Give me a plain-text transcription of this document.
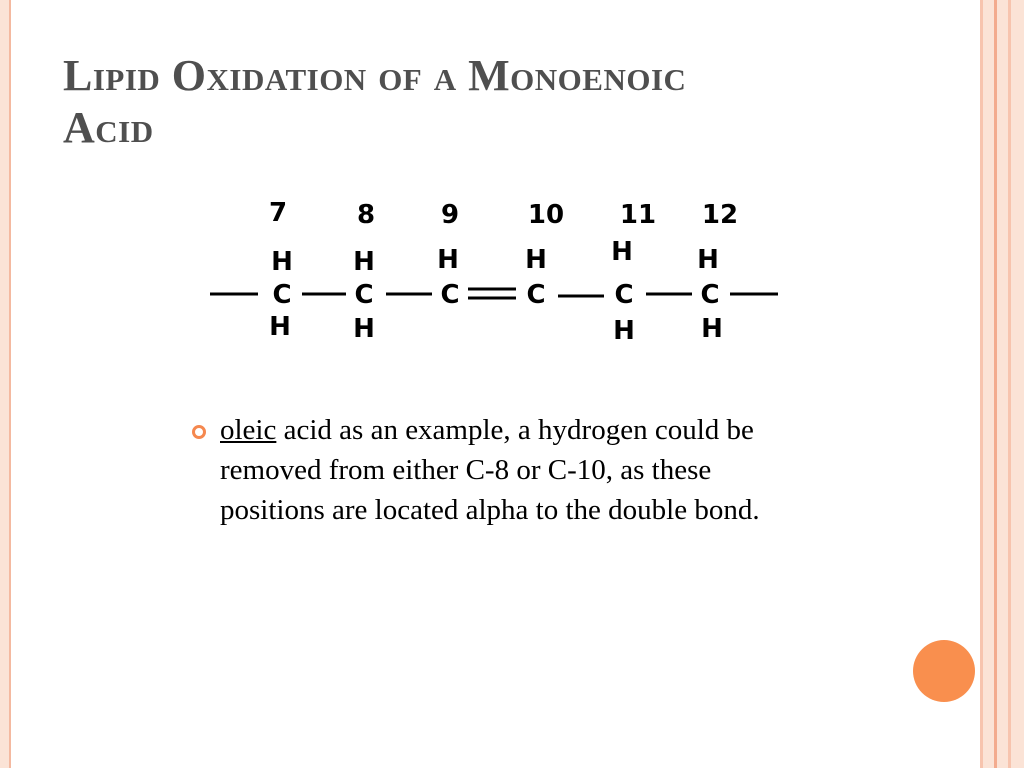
Lipid Oxidation of a Monoenoic
Acid
7	8	9	10 11 12
H H H	H H H
C C	C	C	C	C
H H	H	H
oleic acid as an example, a hydrogen could be
removed from either C-8 or C-10, as these
positions are located alpha to the double bond.
